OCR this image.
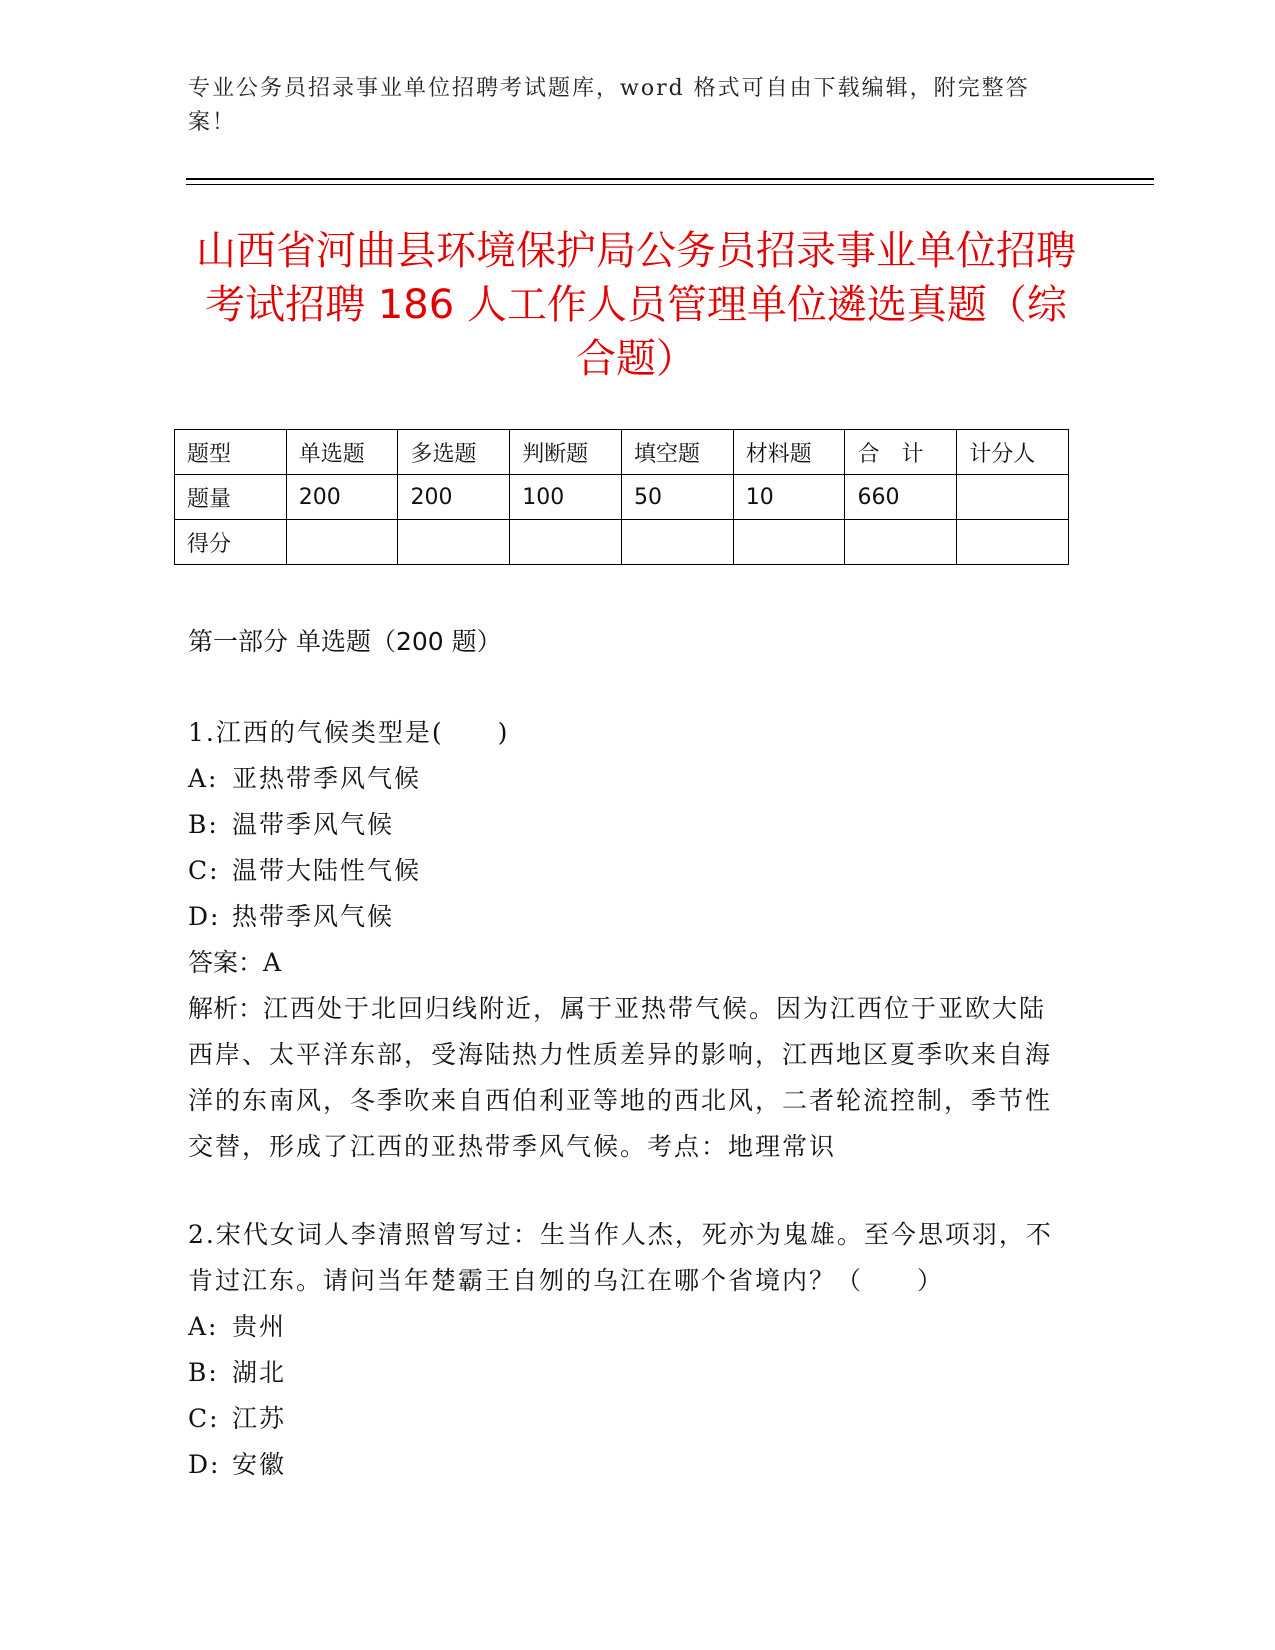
专业公务员招录事业单位招聘考试题库，word 格式可自由下载编辑，附完整答案！
山西省河曲县环境保护局公务员招录事业单位招聘考试招聘 186 人工作人员管理单位遴选真题（综合题）
题型	单选题	多选题	判断题	填空题	材料题	合　计	计分人
题量	200	200	100	50	10	660	
得分							
第一部分 单选题（200 题）
1.江西的气候类型是(　　)
A: 亚热带季风气候
B: 温带季风气候
C: 温带大陆性气候
D: 热带季风气候
答案：A
解析：江西处于北回归线附近，属于亚热带气候。因为江西位于亚欧大陆西岸、太平洋东部，受海陆热力性质差异的影响，江西地区夏季吹来自海洋的东南风，冬季吹来自西伯利亚等地的西北风，二者轮流控制，季节性交替，形成了江西的亚热带季风气候。考点：地理常识
2.宋代女词人李清照曾写过：生当作人杰，死亦为鬼雄。至今思项羽，不肯过江东。请问当年楚霸王自刎的乌江在哪个省境内？（　　）
A: 贵州
B: 湖北
C: 江苏
D: 安徽
